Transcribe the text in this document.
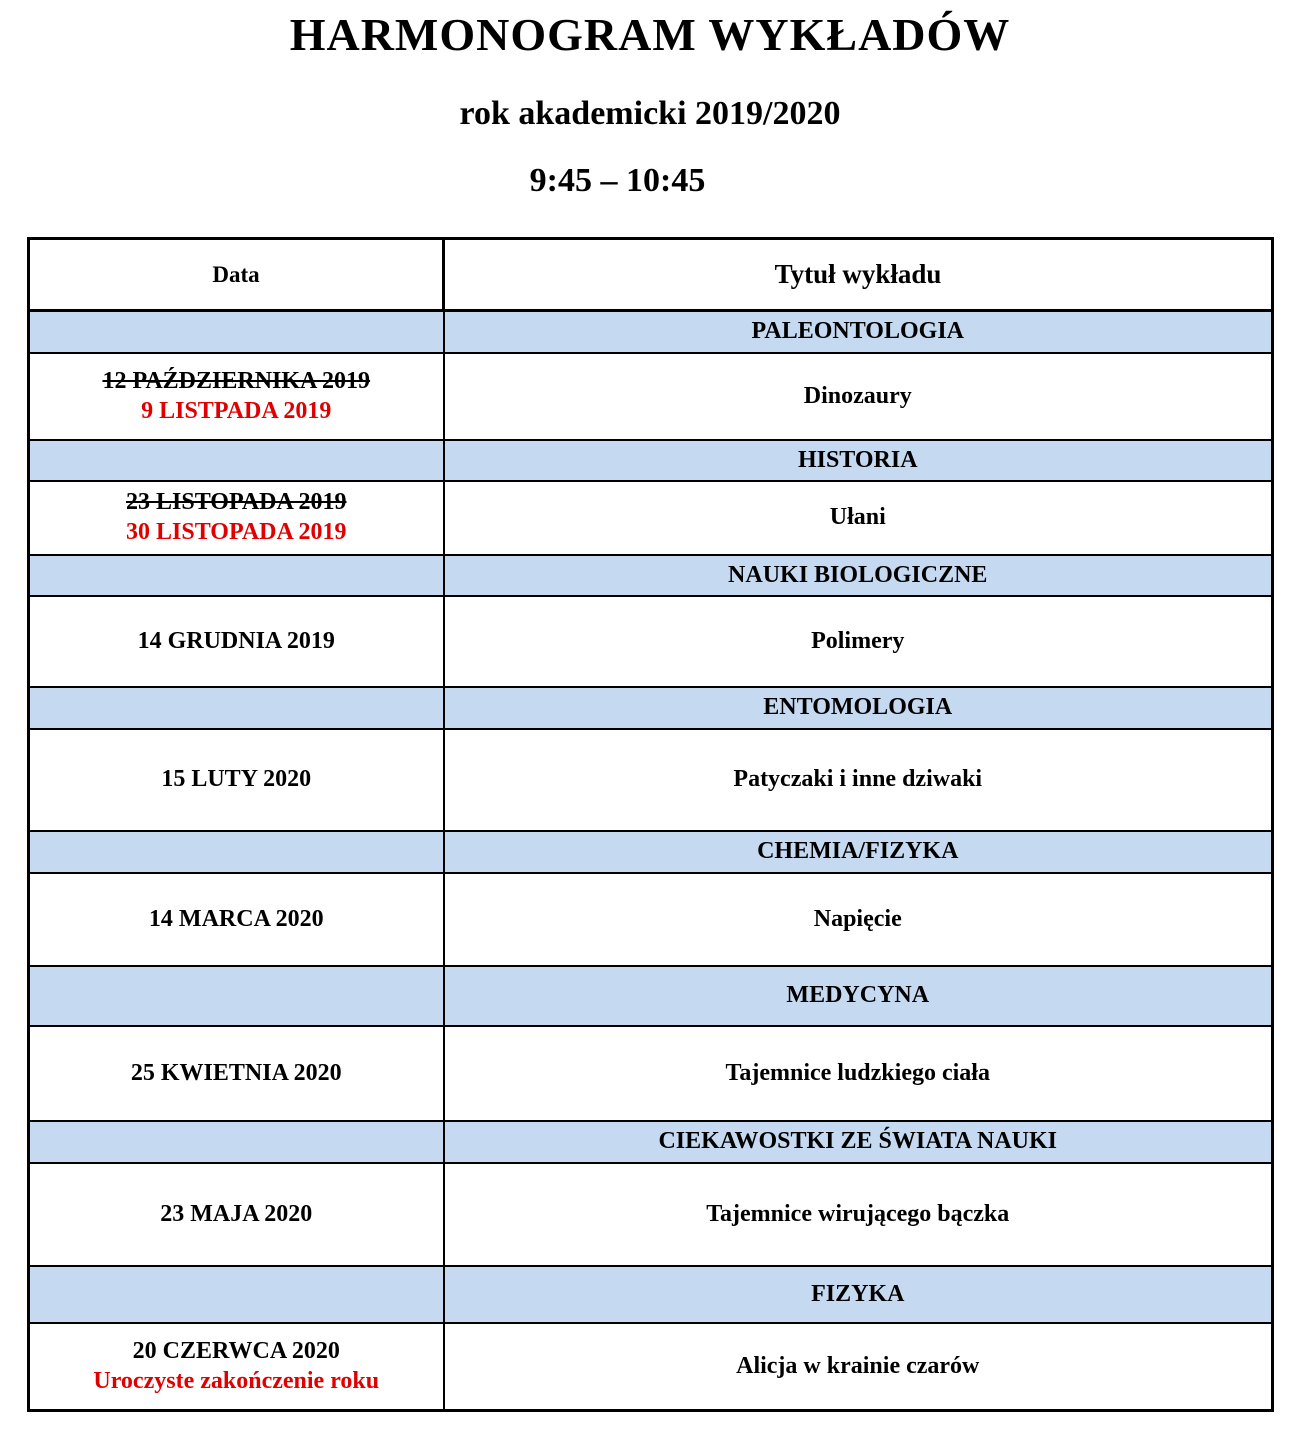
HARMONOGRAM WYKŁADÓW
rok akademicki 2019/2020
9:45 – 10:45
Data	Tytuł wykładu
	PALEONTOLOGIA

12 PAŹDZIERNIKA 2019
9 LISTPADA 2019	Dinozaury
	HISTORIA

23 LISTOPADA 2019
30 LISTOPADA 2019	Ułani
	NAUKI BIOLOGICZNE
14 GRUDNIA 2019	Polimery
	ENTOMOLOGIA
15 LUTY 2020	Patyczaki i inne dziwaki
	CHEMIA/FIZYKA
14 MARCA 2020	Napięcie
	MEDYCYNA
25 KWIETNIA 2020	Tajemnice ludzkiego ciała
	CIEKAWOSTKI ZE ŚWIATA NAUKI
23 MAJA 2020	Tajemnice wirującego bączka
	FIZYKA

20 CZERWCA 2020
Uroczyste zakończenie roku	Alicja w krainie czarów
